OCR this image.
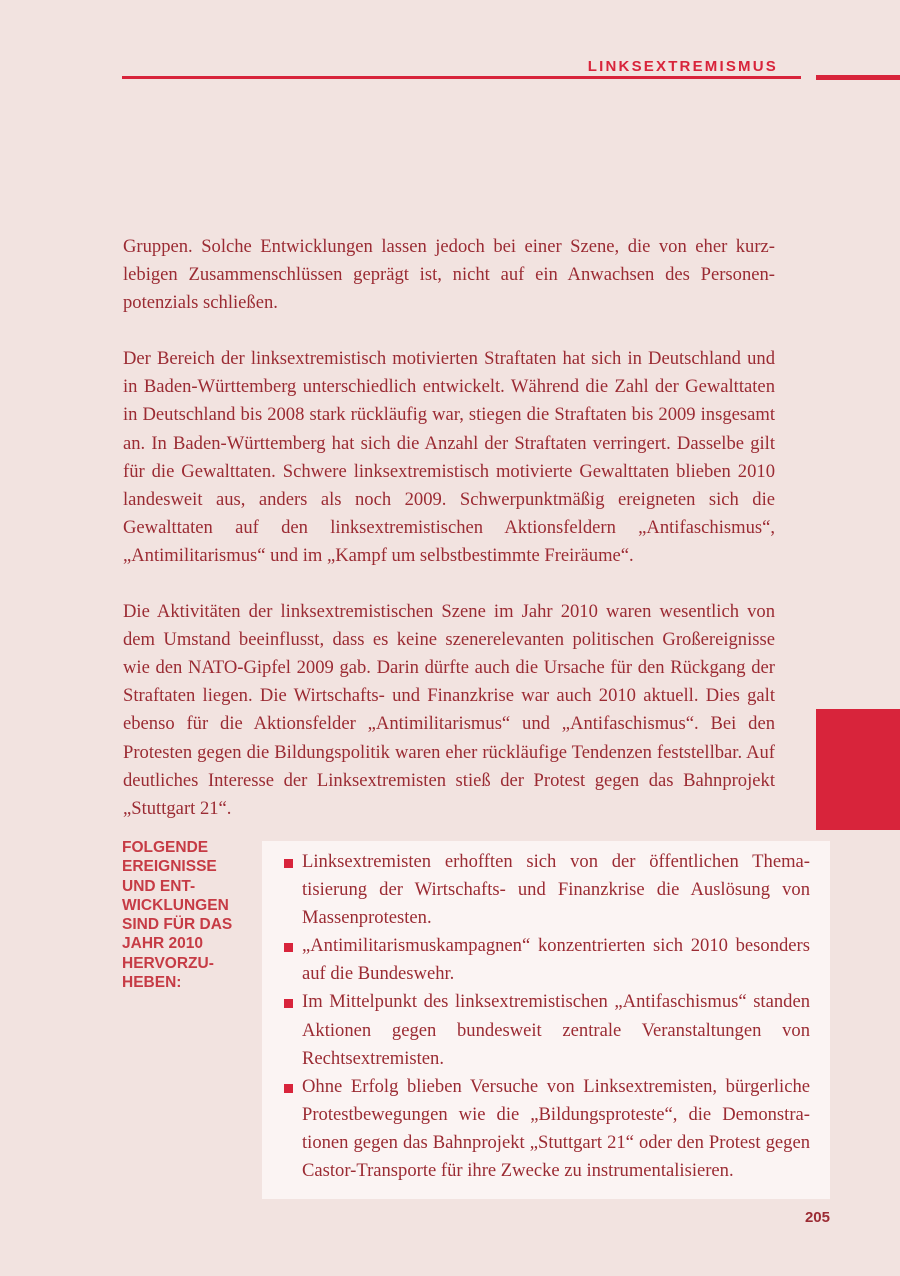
LINKSEXTREMISMUS

Gruppen. Solche Entwicklungen lassen jedoch bei einer Szene, die von eher kurzlebigen Zusammenschlüssen geprägt ist, nicht auf ein Anwachsen des Personenpotenzials schließen.

Der Bereich der linksextremistisch motivierten Straftaten hat sich in Deutschland und in Baden-Württemberg unterschiedlich entwickelt. Während die Zahl der Gewalttaten in Deutschland bis 2008 stark rückläufig war, stiegen die Straftaten bis 2009 insgesamt an. In Baden-Württemberg hat sich die Anzahl der Straftaten verringert. Dasselbe gilt für die Gewalttaten. Schwere linksextremistisch motivierte Gewalttaten blieben 2010 landesweit aus, anders als noch 2009. Schwerpunktmäßig ereigneten sich die Gewalttaten auf den linksextremistischen Aktionsfeldern „Antifaschismus“, „Antimilitarismus“ und im „Kampf um selbstbestimmte Freiräume“.

Die Aktivitäten der linksextremistischen Szene im Jahr 2010 waren wesentlich von dem Umstand beeinflusst, dass es keine szenerelevanten politischen Großereignisse wie den NATO-Gipfel 2009 gab. Darin dürfte auch die Ursache für den Rückgang der Straftaten liegen. Die Wirtschafts- und Finanzkrise war auch 2010 aktuell. Dies galt ebenso für die Aktionsfelder „Antimilitarismus“ und „Antifaschismus“. Bei den Protesten gegen die Bildungspolitik waren eher rückläufige Tendenzen feststellbar. Auf deutliches Interesse der Linksextremisten stieß der Protest gegen das Bahnprojekt „Stuttgart 21“.

FOLGENDE
EREIGNISSE
UND ENT-
WICKLUNGEN
SIND FÜR DAS
JAHR 2010
HERVORZU-
HEBEN:
Linksextremisten erhofften sich von der öffentlichen Thematisierung der Wirtschafts- und Finanzkrise die Auslösung von Massenprotesten.
„Antimilitarismuskampagnen“ konzentrierten sich 2010 besonders auf die Bundeswehr.
Im Mittelpunkt des linksextremistischen „Antifaschismus“ standen Aktionen gegen bundesweit zentrale Veranstaltungen von Rechtsextremisten.
Ohne Erfolg blieben Versuche von Linksextremisten, bürgerliche Protestbewegungen wie die „Bildungsproteste“, die Demonstrationen gegen das Bahnprojekt „Stuttgart 21“ oder den Protest gegen Castor-Transporte für ihre Zwecke zu instrumentalisieren.
205
